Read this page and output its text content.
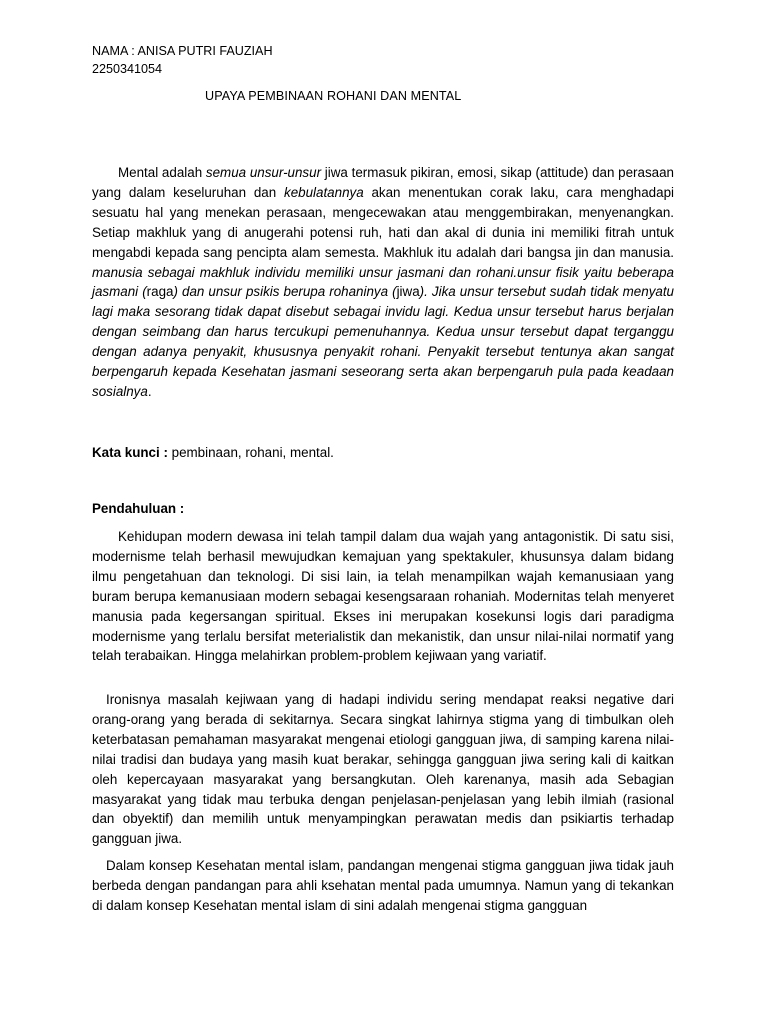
NAMA : ANISA PUTRI FAUZIAH
2250341054
UPAYA PEMBINAAN ROHANI DAN MENTAL

Mental adalah semua unsur-unsur jiwa termasuk pikiran, emosi, sikap (attitude) dan perasaan yang dalam keseluruhan dan kebulatannya akan menentukan corak laku, cara menghadapi sesuatu hal yang menekan perasaan, mengecewakan atau menggembirakan, menyenangkan. Setiap makhluk yang di anugerahi potensi ruh, hati dan akal di dunia ini memiliki fitrah untuk mengabdi kepada sang pencipta alam semesta. Makhluk itu adalah dari bangsa jin dan manusia. manusia sebagai makhluk individu memiliki unsur jasmani dan rohani.unsur fisik yaitu beberapa jasmani (raga) dan unsur psikis berupa rohaninya (jiwa). Jika unsur tersebut sudah tidak menyatu lagi maka sesorang tidak dapat disebut sebagai invidu lagi. Kedua unsur tersebut harus berjalan dengan seimbang dan harus tercukupi pemenuhannya. Kedua unsur tersebut dapat terganggu dengan adanya penyakit, khususnya penyakit rohani. Penyakit tersebut tentunya akan sangat berpengaruh kepada Kesehatan jasmani seseorang serta akan berpengaruh pula pada keadaan sosialnya.

Kata kunci : pembinaan, rohani, mental.
Pendahuluan :

Kehidupan modern dewasa ini telah tampil dalam dua wajah yang antagonistik. Di satu sisi, modernisme telah berhasil mewujudkan kemajuan yang spektakuler, khusunsya dalam bidang ilmu pengetahuan dan teknologi. Di sisi lain, ia telah menampilkan wajah kemanusiaan yang buram berupa kemanusiaan modern sebagai kesengsaraan rohaniah. Modernitas telah menyeret manusia pada kegersangan spiritual. Ekses ini merupakan kosekunsi logis dari paradigma modernisme yang terlalu bersifat meterialistik dan mekanistik, dan unsur nilai-nilai normatif yang telah terabaikan. Hingga melahirkan problem-problem kejiwaan yang variatif.

Ironisnya masalah kejiwaan yang di hadapi individu sering mendapat reaksi negative dari orang-orang yang berada di sekitarnya. Secara singkat lahirnya stigma yang di timbulkan oleh keterbatasan pemahaman masyarakat mengenai etiologi gangguan jiwa, di samping karena nilai-nilai tradisi dan budaya yang masih kuat berakar, sehingga gangguan jiwa sering kali di kaitkan oleh kepercayaan masyarakat yang bersangkutan. Oleh karenanya, masih ada Sebagian masyarakat yang tidak mau terbuka dengan penjelasan-penjelasan yang lebih ilmiah (rasional dan obyektif) dan memilih untuk menyampingkan perawatan medis dan psikiartis terhadap gangguan jiwa.

Dalam konsep Kesehatan mental islam, pandangan mengenai stigma gangguan jiwa tidak jauh berbeda dengan pandangan para ahli ksehatan mental pada umumnya. Namun yang di tekankan di dalam konsep Kesehatan mental islam di sini adalah mengenai stigma gangguan
